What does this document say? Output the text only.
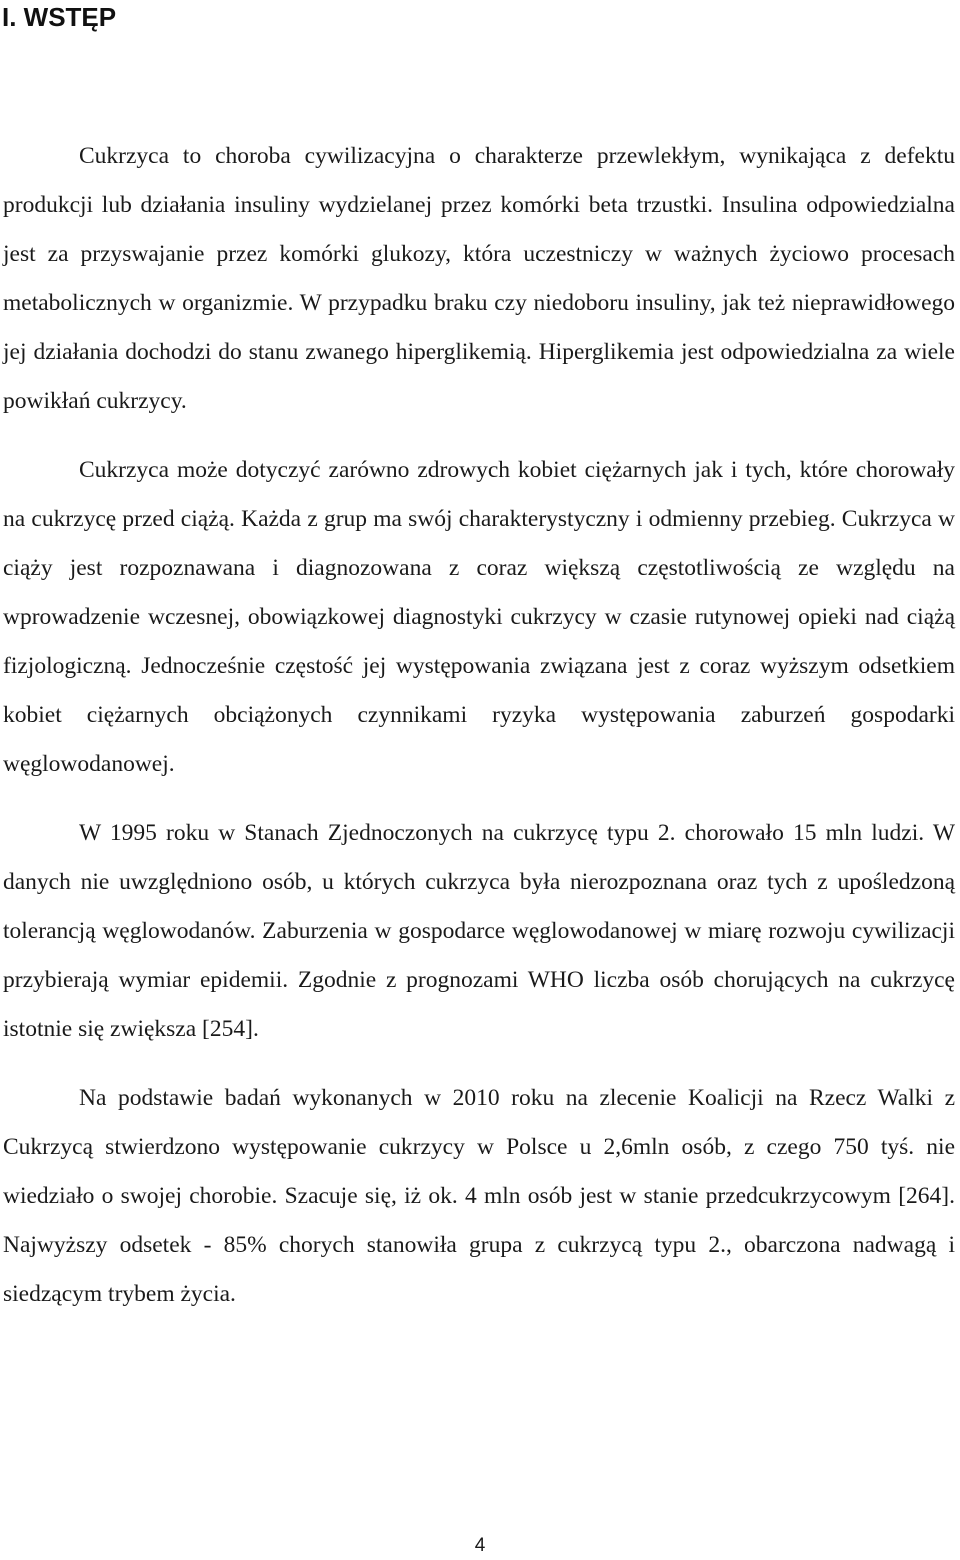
I. WSTĘP

Cukrzyca to choroba cywilizacyjna o charakterze przewlekłym, wynikająca z defektu produkcji lub działania insuliny wydzielanej przez komórki beta trzustki. Insulina odpowiedzialna jest za przyswajanie przez komórki glukozy, która uczestniczy w ważnych życiowo procesach metabolicznych w organizmie. W przypadku braku czy niedoboru insuliny, jak też nieprawidłowego jej działania dochodzi do stanu zwanego hiperglikemią. Hiperglikemia jest odpowiedzialna za wiele powikłań cukrzycy.

Cukrzyca może dotyczyć zarówno zdrowych kobiet ciężarnych jak i tych, które chorowały na cukrzycę przed ciążą. Każda z grup ma swój charakterystyczny i odmienny przebieg. Cukrzyca w ciąży jest rozpoznawana i diagnozowana z coraz większą częstotliwością ze względu na wprowadzenie wczesnej, obowiązkowej diagnostyki cukrzycy w czasie rutynowej opieki nad ciążą fizjologiczną. Jednocześnie częstość jej występowania związana jest z coraz wyższym odsetkiem kobiet ciężarnych obciążonych czynnikami ryzyka występowania zaburzeń gospodarki węglowodanowej.

W 1995 roku w Stanach Zjednoczonych na cukrzycę typu 2. chorowało 15 mln ludzi. W danych nie uwzględniono osób, u których cukrzyca była nierozpoznana oraz tych z upośledzoną tolerancją węglowodanów. Zaburzenia w gospodarce węglowodanowej w miarę rozwoju cywilizacji przybierają wymiar epidemii. Zgodnie z prognozami WHO liczba osób chorujących na cukrzycę istotnie się zwiększa [254].

Na podstawie badań wykonanych w 2010 roku na zlecenie Koalicji na Rzecz Walki z Cukrzycą stwierdzono występowanie cukrzycy w Polsce u 2,6mln osób, z czego 750 tyś. nie wiedziało o swojej chorobie. Szacuje się, iż ok. 4 mln osób jest w stanie przedcukrzycowym [264]. Najwyższy odsetek - 85% chorych stanowiła grupa z cukrzycą typu 2., obarczona nadwagą i siedzącym trybem życia.

4
